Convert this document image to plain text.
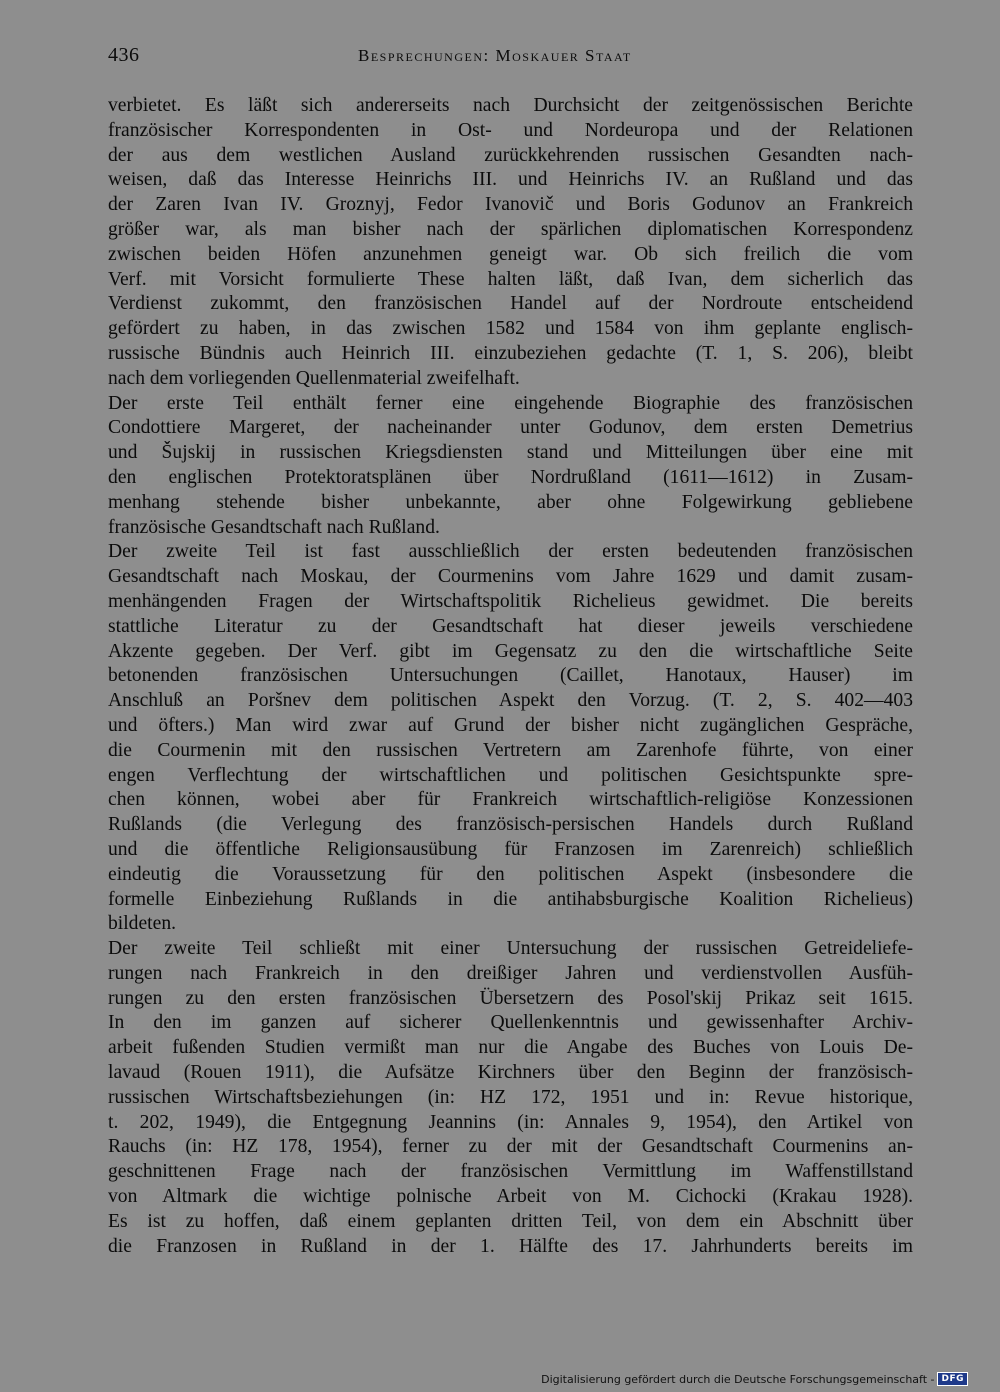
436	Besprechungen: Moskauer Staat
verbietet. Es läßt sich andererseits nach Durchsicht der zeitgenössischen Berichte
französischer Korrespondenten in Ost- und Nordeuropa und der Relationen
der aus dem westlichen Ausland zurückkehrenden russischen Gesandten nach-
weisen, daß das Interesse Heinrichs III. und Heinrichs IV. an Rußland und das
der Zaren Ivan IV. Groznyj, Fedor Ivanovič und Boris Godunov an Frankreich
größer war, als man bisher nach der spärlichen diplomatischen Korrespondenz
zwischen beiden Höfen anzunehmen geneigt war. Ob sich freilich die vom
Verf. mit Vorsicht formulierte These halten läßt, daß Ivan, dem sicherlich das
Verdienst zukommt, den französischen Handel auf der Nordroute entscheidend
gefördert zu haben, in das zwischen 1582 und 1584 von ihm geplante englisch-
russische Bündnis auch Heinrich III. einzubeziehen gedachte (T. 1, S. 206), bleibt
nach dem vorliegenden Quellenmaterial zweifelhaft.
Der erste Teil enthält ferner eine eingehende Biographie des französischen
Condottiere Margeret, der nacheinander unter Godunov, dem ersten Demetrius
und Šujskij in russischen Kriegsdiensten stand und Mitteilungen über eine mit
den englischen Protektoratsplänen über Nordrußland (1611—1612) in Zusam-
menhang stehende bisher unbekannte, aber ohne Folgewirkung gebliebene
französische Gesandtschaft nach Rußland.
Der zweite Teil ist fast ausschließlich der ersten bedeutenden französischen
Gesandtschaft nach Moskau, der Courmenins vom Jahre 1629 und damit zusam-
menhängenden Fragen der Wirtschaftspolitik Richelieus gewidmet. Die bereits
stattliche Literatur zu der Gesandtschaft hat dieser jeweils verschiedene
Akzente gegeben. Der Verf. gibt im Gegensatz zu den die wirtschaftliche Seite
betonenden französischen Untersuchungen (Caillet, Hanotaux, Hauser) im
Anschluß an Poršnev dem politischen Aspekt den Vorzug. (T. 2, S. 402—403
und öfters.) Man wird zwar auf Grund der bisher nicht zugänglichen Gespräche,
die Courmenin mit den russischen Vertretern am Zarenhofe führte, von einer
engen Verflechtung der wirtschaftlichen und politischen Gesichtspunkte spre-
chen können, wobei aber für Frankreich wirtschaftlich-religiöse Konzessionen
Rußlands (die Verlegung des französisch-persischen Handels durch Rußland
und die öffentliche Religionsausübung für Franzosen im Zarenreich) schließlich
eindeutig die Voraussetzung für den politischen Aspekt (insbesondere die
formelle Einbeziehung Rußlands in die antihabsburgische Koalition Richelieus)
bildeten.
Der zweite Teil schließt mit einer Untersuchung der russischen Getreideliefe-
rungen nach Frankreich in den dreißiger Jahren und verdienstvollen Ausfüh-
rungen zu den ersten französischen Übersetzern des Posol'skij Prikaz seit 1615.
In den im ganzen auf sicherer Quellenkenntnis und gewissenhafter Archiv-
arbeit fußenden Studien vermißt man nur die Angabe des Buches von Louis De-
lavaud (Rouen 1911), die Aufsätze Kirchners über den Beginn der französisch-
russischen Wirtschaftsbeziehungen (in: HZ 172, 1951 und in: Revue historique,
t. 202, 1949), die Entgegnung Jeannins (in: Annales 9, 1954), den Artikel von
Rauchs (in: HZ 178, 1954), ferner zu der mit der Gesandtschaft Courmenins an-
geschnittenen Frage nach der französischen Vermittlung im Waffenstillstand
von Altmark die wichtige polnische Arbeit von M. Cichocki (Krakau 1928).
Es ist zu hoffen, daß einem geplanten dritten Teil, von dem ein Abschnitt über
die Franzosen in Rußland in der 1. Hälfte des 17. Jahrhunderts bereits im
Digitalisierung gefördert durch die Deutsche Forschungsgemeinschaft - DFG
